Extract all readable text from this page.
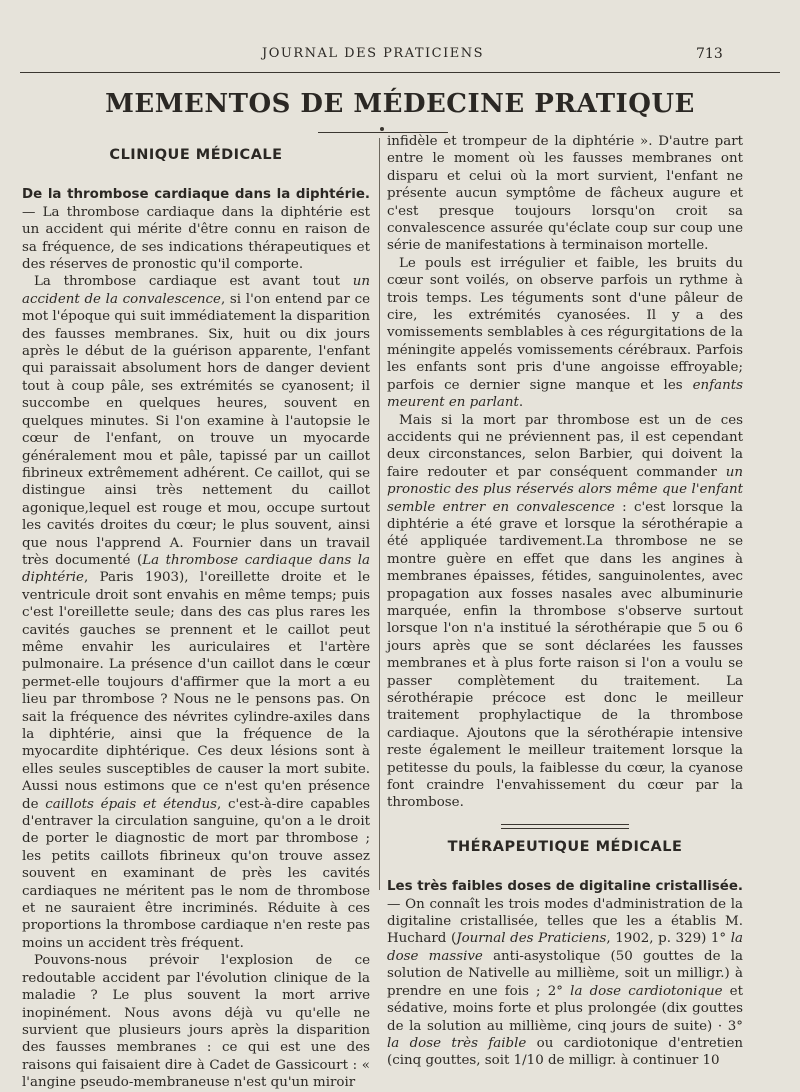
JOURNAL DES PRATICIENS	713
MEMENTOS DE MÉDECINE PRATIQUE
CLINIQUE MÉDICALE

De la thrombose cardiaque dans la diphtérie. — La thrombose cardiaque dans la diphtérie est un accident qui mérite d'être connu en raison de sa fréquence, de ses indications thérapeutiques et des réserves de pronostic qu'il comporte.

La thrombose cardiaque est avant tout un accident de la convalescence, si l'on entend par ce mot l'époque qui suit immédiatement la disparition des fausses membranes. Six, huit ou dix jours après le début de la guérison apparente, l'enfant qui paraissait absolument hors de danger devient tout à coup pâle, ses extrémités se cyanosent; il succombe en quelques heures, souvent en quelques minutes. Si l'on examine à l'autopsie le cœur de l'enfant, on trouve un myocarde généralement mou et pâle, tapissé par un caillot fibrineux extrêmement adhérent. Ce caillot, qui se distingue ainsi très nettement du caillot agonique,lequel est rouge et mou, occupe surtout les cavités droites du cœur; le plus souvent, ainsi que nous l'apprend A. Fournier dans un travail très documenté (La thrombose cardiaque dans la diphtérie, Paris 1903), l'oreillette droite et le ventricule droit sont envahis en même temps; puis c'est l'oreillette seule; dans des cas plus rares les cavités gauches se prennent et le caillot peut même envahir les auriculaires et l'artère pulmonaire. La présence d'un caillot dans le cœur permet-elle toujours d'affirmer que la mort a eu lieu par thrombose ? Nous ne le pensons pas. On sait la fréquence des névrites cylindre-axiles dans la diphtérie, ainsi que la fréquence de la myocardite diphtérique. Ces deux lésions sont à elles seules susceptibles de causer la mort subite. Aussi nous estimons que ce n'est qu'en présence de caillots épais et étendus, c'est-à-dire capables d'entraver la circulation sanguine, qu'on a le droit de porter le diagnostic de mort par thrombose ; les petits caillots fibrineux qu'on trouve assez souvent en examinant de près les cavités cardiaques ne méritent pas le nom de thrombose et ne sauraient être incriminés. Réduite à ces proportions la thrombose cardiaque n'en reste pas moins un accident très fréquent.

Pouvons-nous prévoir l'explosion de ce redoutable accident par l'évolution clinique de la maladie ? Le plus souvent la mort arrive inopinément. Nous avons déjà vu qu'elle ne survient que plusieurs jours après la disparition des fausses membranes : ce qui est une des raisons qui faisaient dire à Cadet de Gassicourt : « l'angine pseudo-membraneuse n'est qu'un miroir

infidèle et trompeur de la diphtérie ». D'autre part entre le moment où les fausses membranes ont disparu et celui où la mort survient, l'enfant ne présente aucun symptôme de fâcheux augure et c'est presque toujours lorsqu'on croit sa convalescence assurée qu'éclate coup sur coup une série de manifestations à terminaison mortelle.

Le pouls est irrégulier et faible, les bruits du cœur sont voilés, on observe parfois un rythme à trois temps. Les téguments sont d'une pâleur de cire, les extrémités cyanosées. Il y a des vomissements semblables à ces régurgitations de la méningite appelés vomissements cérébraux. Parfois les enfants sont pris d'une angoisse effroyable; parfois ce dernier signe manque et les enfants meurent en parlant.

Mais si la mort par thrombose est un de ces accidents qui ne préviennent pas, il est cependant deux circonstances, selon Barbier, qui doivent la faire redouter et par conséquent commander un pronostic des plus réservés alors même que l'enfant semble entrer en convalescence : c'est lorsque la diphtérie a été grave et lorsque la sérothérapie a été appliquée tardivement.La thrombose ne se montre guère en effet que dans les angines à membranes épaisses, fétides, sanguinolentes, avec propagation aux fosses nasales avec albuminurie marquée, enfin la thrombose s'observe surtout lorsque l'on n'a institué la sérothérapie que 5 ou 6 jours après que se sont déclarées les fausses membranes et à plus forte raison si l'on a voulu se passer complètement du traitement. La sérothérapie précoce est donc le meilleur traitement prophylactique de la thrombose cardiaque. Ajoutons que la sérothérapie intensive reste également le meilleur traitement lorsque la petitesse du pouls, la faiblesse du cœur, la cyanose font craindre l'envahissement du cœur par la thrombose.

THÉRAPEUTIQUE MÉDICALE

Les très faibles doses de digitaline cristallisée. — On connaît les trois modes d'administration de la digitaline cristallisée, telles que les a établis M. Huchard (Journal des Praticiens, 1902, p. 329) 1° la dose massive anti-asystolique (50 gouttes de la solution de Nativelle au millième, soit un milligr.) à prendre en une fois ; 2° la dose cardiotonique et sédative, moins forte et plus prolongée (dix gouttes de la solution au millième, cinq jours de suite) · 3° la dose très faible ou cardiotonique d'entretien (cinq gouttes, soit 1/10 de milligr. à continuer 10
